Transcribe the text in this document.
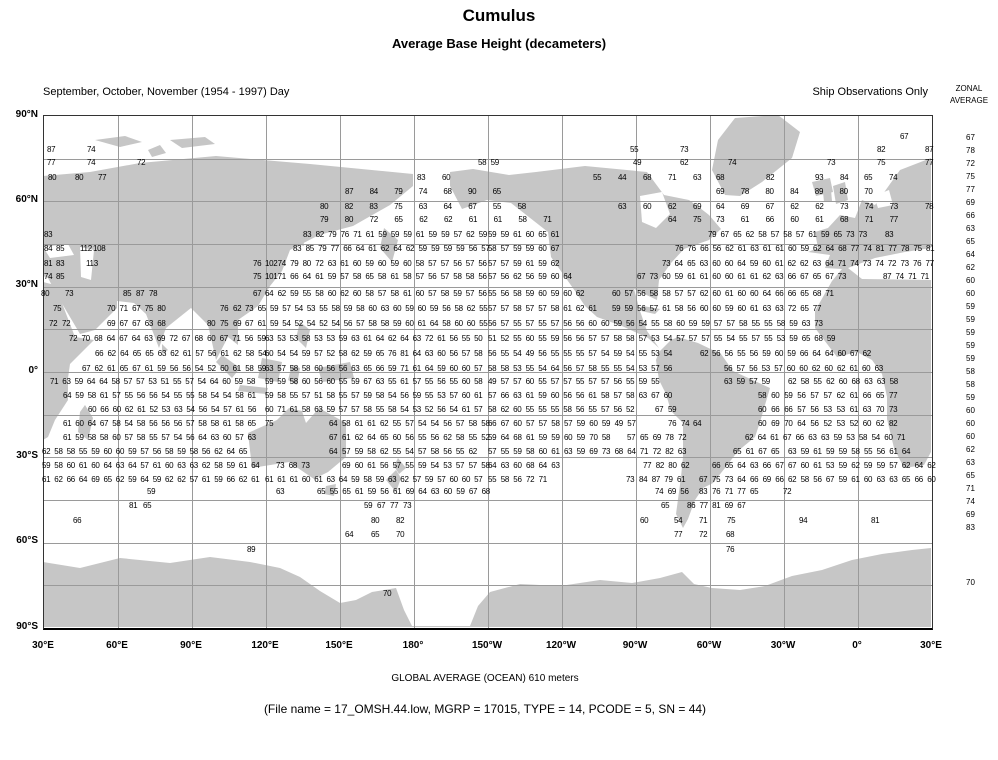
Cumulus
Average Base Height (decameters)
September, October, November (1954 - 1997) Day	Ship Observations Only	ZONAL
AVERAGE
67
87	74	55	73	82	87
77	74	72	58 59	49	62	74	73	75	77
80 80 77	83 60	55 44 68 71 63 68	82	93 84 65 74
87 84 79 74 68 90 65	69 78 80 84 89 80 70
80 82 83 75 63 64 67 55 58	63 60 62 69 64 69 67 62 62 73 74 73	78
79 80 72 65 62 62 61 61 58 71	64 75 73 61 66 60 61 68 71 77
83	83 82 79 76 71 61 59 59 59 61 59 59 57 62 59 59 59 61 60 65 61	79 67 65 62 58 57 58 57 61 59 65 73 73 83
84 85 112 108	83 85 79 77 66 64 61 62 64 62 59 59 59 59 56 57
58 57 59 59 60 67	76 76 66 56 62 61 63 61 61 60 59 62 64 68 77 74 81 77 78 75 81
81 83	113	76 102 74 79 80 72 63 61 60 59 60 59 60 58 57 57 56 57 56 57 57 59 61 59 62	73 64 65 63 60 60 64 59 60 61 62 62 63 64 71 74 73 74 72 73 76 77
74 85	75 101 71 66 64 61 59 57 58 65 58 61 58 57 56 57 58 58 56 57 56 62 56 59 60 64	67 73 60 59 61 61 60 60 61 61 62 63 66 67 65 67 73	87 74 71 71
80 73	85 87 78	67 64 62 59 55 58 60 62 60 58 57 58 61 60 57 58 59 57 56 55 56 58 59 60 59 60 62	60 57 56 58 58 57 57 62 60 61 60 60 64 66 66 65 68 71
75	70 71 67 75 80	76 62 73 65 59 57 54 53 55 58 59 58 60 63 60 59 60 59 56 58 62 55 57 57 58 57 57 58 61 62 61 59 59 56 57 61 58 56 60 60 59 60 61 63 63 72 65 77
72 72	69 67 67 63 68	80 75 69 67 61 59 54 52 54 52 54 56 57 58 58 59 60 61 64 58 60 60 55 56 57 55 57 55 57 56 56 60 60 59 56 54 55 58 60 59 59 57 57 58 55 55 58 59 63 73
72 70 68 64 67 64 63 69 72 67 68 60 67 71 56 59 63 53 53 58 53 53 59 63 61 64 62 64 63 72 61 56 55 50 51 52 55 60 55 59 56 56 57 57 58 58 57 53 54 57 57 57 55 54 55 57 55 53 59 65 68 59
66 62 64 65 65 63 62 61 57 56 61 62 58 54
60 54 54 59 57 52 58 62 59 65 76 81 64 63 60 56 57 58 56 55 54 49 56 55 55 55 57 54 59 54 55 53 54	62 56 56 55 56 59 60 59 66 64 64 60 67 62
67 62 61 65 67 61 59 56 56 54 52 60 61 58 59 63 57 58 58 60 56 56 63 65 66 59 71 61 64 59 60 60 57 58 58 53 55 54 64 56 57 58 55 55 54 53 57 56	56 57 56 53 57 60 60 62 60 62 61 60 63
71 63 59 64 64 58 57 57 53 51 55 57 54 64 60 59 58 59 59 58 60 56 60 55 59 67 63 55 61 57 55 56 55 60 58 49 57 57 60 55 57 57 55 57 57 56 55 59 55	63 59 57 59 62 58 55 62 60 68 63 63 58
64 59 58 61 57 55 56 56 54 55 55 58 54 54 58 61 59 58 55 57 51 58 55 57 59 58 54 56 59 55 53 57 60 61 57 66 63 61 59 60 56 56 61 58 57 58 63 67 60	58 60 59 56 57 57 62 61 66 65 77
60 66 60 62 61 52 53 63 54 56 54 57 61 56 60 71 61 58 63 59 57 57 58 55 58 54 53 52 56 54 61 57 58 62 60 55 55 55 58 56 55 57 56 52	67 59	60 66 66 57 56 53 53 61 63 70 73
61 60 64 67 58 54 58 56 56 56 57 58 58 61 58 65 75	64 58 61 61 62 55 57 54 54 56 57 58 58
66 67 60 57 57 58 57 59 60 59 49 57	76 74 64	60 69 70 64 56 52 53 52 60 62 82
61 59 58 58 60 57 58 55 57 54 56 64 63 60 57 63	67 61 62 64 65 60 56 55 56 62 58 55 52
59 64 68 61 59 59 60 59 70 58 57 65 69 78 72	62 64 61 67 66 63 63 59 53 58 54 60 71
62 58 58 55 59 60 60 59 57 56 58 59 58 56 62 64 65	64 57 59 58 62 55 54 57 58 56 55 62 57 55 59 58 60 61 63 59 69 73 68 64 71 72 82 63	65 61 67 65 63 59 61 59 59 58 55 56 61 64
59 58 60 61 60 64 63 64 57 61 60 63 63 62 58 59 61 64 73 68 73	69 60 61 56 57 55 59 54 53 57 57 58
64 63 60 68 64 63	77 82 80 62	66 65 64 63 66 67 67 60 61 53 59 62 59 59 57 62 64 62
61 62 66 64 69 65 62 59 64 59 62 62 57 61 59 66 62 61 61 61 61 60 61 63 64 59 58 59 63 62 57 59 57 60 60 57 55 58 56 72 71	73 84 87 79 61 67 75 73 64 66 69 66 62 58 56 67 59 61 60 63 63 65 66 60
59	63	65 55 65 61 59 56 61 69 64 63 60 59 67 68	74 69 56 83 76 71 77 65	72
81 65	59 67 77 73	65 86 77 81 69 67
66	80 82	60	54 71 75	94	81
64 65 70	77 72 68
89	76
70
67
78
72
75
77
69
66
63
65
64
62
60
60
59
59
59
59
59
58
58
59
60
60
60
62
63
65
71
74
69
83
70
90°N
60°N
30°N
0°
30°S
60°S
90°S
30°E	60°E	90°E	120°E	150°E	180°	150°W	120°W	90°W	60°W	30°W	0°	30°E
GLOBAL AVERAGE (OCEAN) 610 meters
(File name = 17_OMSH.44.low, MGRP = 17015, TYPE = 14, PCODE = 5, SN = 44)
